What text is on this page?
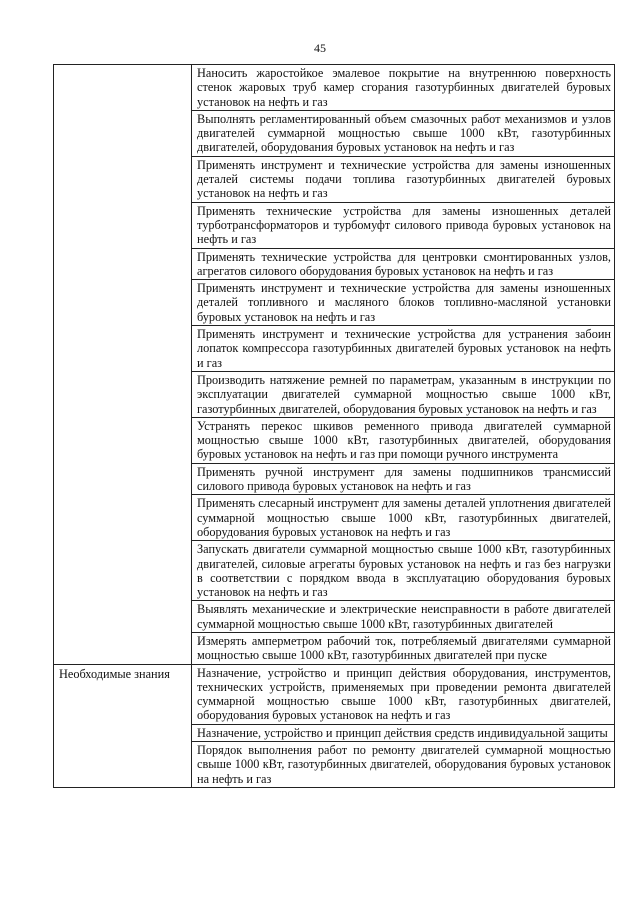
45
	Наносить жаростойкое эмалевое покрытие на внутреннюю поверхность стенок жаровых труб камер сгорания газотурбинных двигателей буровых установок на нефть и газ
	Выполнять регламентированный объем смазочных работ механизмов и узлов двигателей суммарной мощностью свыше 1000 кВт, газотурбинных двигателей, оборудования буровых установок на нефть и газ
	Применять инструмент и технические устройства для замены изношенных деталей системы подачи топлива газотурбинных двигателей буровых установок на нефть и газ
	Применять технические устройства для замены изношенных деталей турботрансформаторов и турбомуфт силового привода буровых установок на нефть и газ
	Применять технические устройства для центровки смонтированных узлов, агрегатов силового оборудования буровых установок на нефть и газ
	Применять инструмент и технические устройства для замены изношенных деталей топливного и масляного блоков топливно-масляной установки буровых установок на нефть и газ
	Применять инструмент и технические устройства для устранения забоин лопаток компрессора газотурбинных двигателей буровых установок на нефть и газ
	Производить натяжение ремней по параметрам, указанным в инструкции по эксплуатации двигателей суммарной мощностью свыше 1000 кВт, газотурбинных двигателей, оборудования буровых установок на нефть и газ
	Устранять перекос шкивов ременного привода двигателей суммарной мощностью свыше 1000 кВт, газотурбинных двигателей, оборудования буровых установок на нефть и газ при помощи ручного инструмента
	Применять ручной инструмент для замены подшипников трансмиссий силового привода буровых установок на нефть и газ
	Применять слесарный инструмент для замены деталей уплотнения двигателей суммарной мощностью свыше 1000 кВт, газотурбинных двигателей, оборудования буровых установок на нефть и газ
	Запускать двигатели суммарной мощностью свыше 1000 кВт, газотурбинных двигателей, силовые агрегаты буровых установок на нефть и газ без нагрузки в соответствии с порядком ввода в эксплуатацию оборудования буровых установок на нефть и газ
	Выявлять механические и электрические неисправности в работе двигателей суммарной мощностью свыше 1000 кВт, газотурбинных двигателей
	Измерять амперметром рабочий ток, потребляемый двигателями суммарной мощностью свыше 1000 кВт, газотурбинных двигателей при пуске
Необходимые знания	Назначение, устройство и принцип действия оборудования, инструментов, технических устройств, применяемых при проведении ремонта двигателей суммарной мощностью свыше 1000 кВт, газотурбинных двигателей, оборудования буровых установок на нефть и газ
	Назначение, устройство и принцип действия средств индивидуальной защиты
	Порядок выполнения работ по ремонту двигателей суммарной мощностью свыше 1000 кВт, газотурбинных двигателей, оборудования буровых установок на нефть и газ
